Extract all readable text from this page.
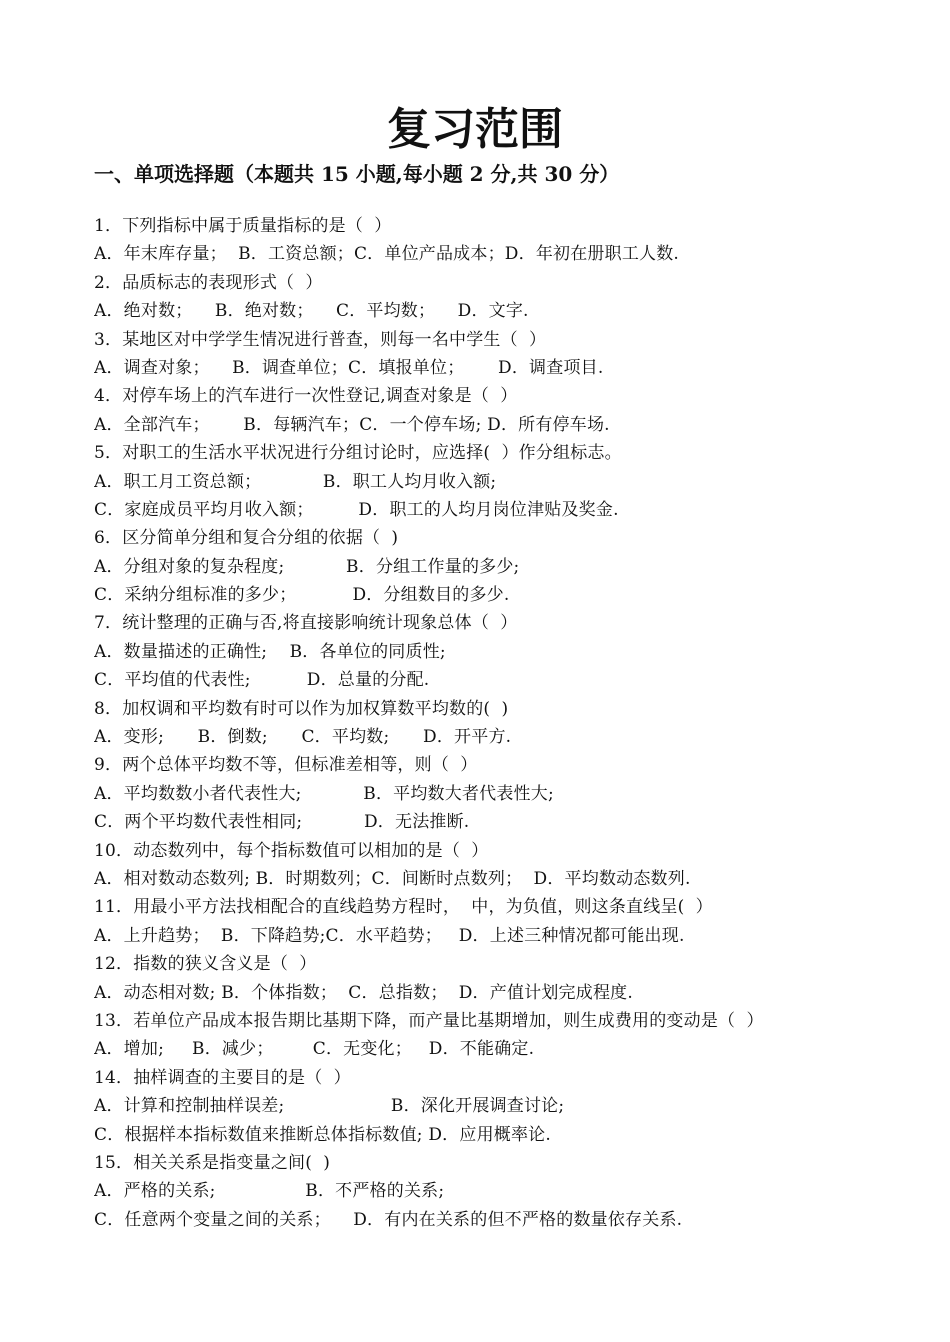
复习范围
一、单项选择题（本题共 15 小题,每小题 2 分,共 30 分）
1．下列指标中属于质量指标的是（  ）
A．年末库存量；  B．工资总额；C．单位产品成本；D．年初在册职工人数.
2．品质标志的表现形式（  ）
A．绝对数；    B．绝对数；    C．平均数；    D．文字.
3．某地区对中学学生情况进行普查，则每一名中学生（  ）
A．调查对象；    B．调查单位；C．填报单位；      D．调查项目.
4．对停车场上的汽车进行一次性登记,调查对象是（  ）
A．全部汽车；      B．每辆汽车；C．一个停车场; D．所有停车场.
5．对职工的生活水平状况进行分组讨论时，应选择(  ）作分组标志。
A．职工月工资总额；           B．职工人均月收入额;
C．家庭成员平均月收入额；        D．职工的人均月岗位津贴及奖金.
6．区分简单分组和复合分组的依据（  )
A．分组对象的复杂程度;           B．分组工作量的多少;
C．采纳分组标准的多少；          D．分组数目的多少.
7．统计整理的正确与否,将直接影响统计现象总体（  ）
A．数量描述的正确性;    B．各单位的同质性;
C．平均值的代表性;          D．总量的分配.
8．加权调和平均数有时可以作为加权算数平均数的(  )
A．变形;      B．倒数;      C．平均数;      D．开平方.
9．两个总体平均数不等，但标准差相等，则（  ）
A．平均数数小者代表性大;           B．平均数大者代表性大;
C．两个平均数代表性相同;           D．无法推断.
10．动态数列中，每个指标数值可以相加的是（  ）
A．相对数动态数列; B．时期数列；C．间断时点数列；  D．平均数动态数列.
11．用最小平方法找相配合的直线趋势方程时，  中，为负值，则这条直线呈(  ）
A．上升趋势；  B．下降趋势;C．水平趋势；   D．上述三种情况都可能出现.
12．指数的狭义含义是（  ）
A．动态相对数; B．个体指数；  C．总指数；  D．产值计划完成程度.
13．若单位产品成本报告期比基期下降，而产量比基期增加，则生成费用的变动是（  ）
A．增加;     B．减少；       C．无变化；   D．不能确定.
14．抽样调查的主要目的是（  ）
A．计算和控制抽样误差;                   B．深化开展调查讨论;
C．根据样本指标数值来推断总体指标数值; D．应用概率论.
15．相关关系是指变量之间(  )
A．严格的关系;                B．不严格的关系;
C．任意两个变量之间的关系；    D．有内在关系的但不严格的数量依存关系.
